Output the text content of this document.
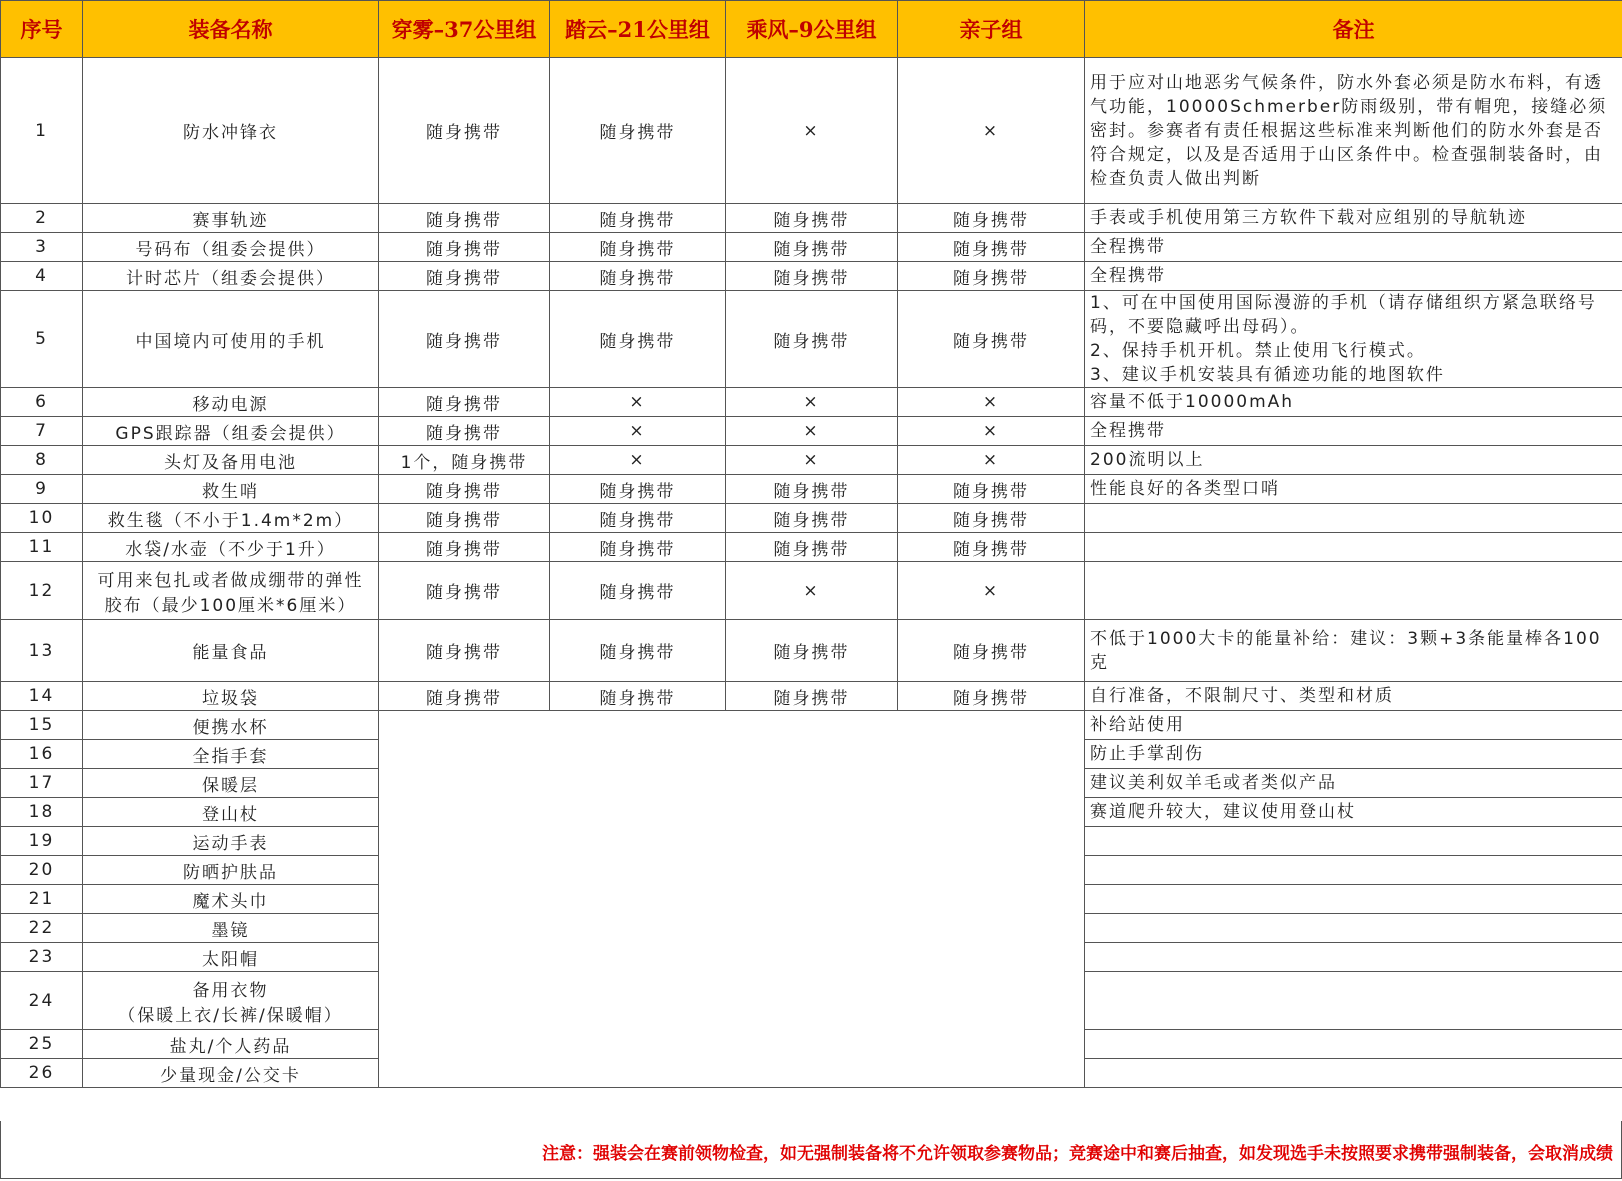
序号	装备名称	穿雾–37公里组	踏云–21公里组	乘风–9公里组	亲子组	备注
1	防水冲锋衣	随身携带	随身携带	×	×	用于应对山地恶劣气候条件，防水外套必须是防水布料，有透气功能，10000Schmerber防雨级别，带有帽兜，接缝必须密封。参赛者有责任根据这些标准来判断他们的防水外套是否符合规定，以及是否适用于山区条件中。检查强制装备时，由检查负责人做出判断
2	赛事轨迹	随身携带	随身携带	随身携带	随身携带	手表或手机使用第三方软件下载对应组别的导航轨迹
3	号码布（组委会提供）	随身携带	随身携带	随身携带	随身携带	全程携带
4	计时芯片（组委会提供）	随身携带	随身携带	随身携带	随身携带	全程携带
5	中国境内可使用的手机	随身携带	随身携带	随身携带	随身携带	1、可在中国使用国际漫游的手机（请存储组织方紧急联络号码，不要隐藏呼出母码）。
2、保持手机开机。禁止使用飞行模式。
3、建议手机安装具有循迹功能的地图软件
6	移动电源	随身携带	×	×	×	容量不低于10000mAh
7	GPS跟踪器（组委会提供）	随身携带	×	×	×	全程携带
8	头灯及备用电池	1个，随身携带	×	×	×	200流明以上
9	救生哨	随身携带	随身携带	随身携带	随身携带	性能良好的各类型口哨
10	救生毯（不小于1.4m*2m）	随身携带	随身携带	随身携带	随身携带	
11	水袋/水壶（不少于1升）	随身携带	随身携带	随身携带	随身携带	
12	可用来包扎或者做成绷带的弹性
胶布（最少100厘米*6厘米）	随身携带	随身携带	×	×	
13	能量食品	随身携带	随身携带	随身携带	随身携带	不低于1000大卡的能量补给：建议：3颗+3条能量棒各100克
14	垃圾袋	随身携带	随身携带	随身携带	随身携带	自行准备，不限制尺寸、类型和材质
15	便携水杯					补给站使用
16	全指手套					防止手掌刮伤
17	保暖层					建议美利奴羊毛或者类似产品
18	登山杖					赛道爬升较大，建议使用登山杖
19	运动手表					
20	防晒护肤品					
21	魔术头巾					
22	墨镜					
23	太阳帽					
24	备用衣物
（保暖上衣/长裤/保暖帽）					
25	盐丸/个人药品					
26	少量现金/公交卡					
注意：强装会在赛前领物检查，如无强制装备将不允许领取参赛物品；竞赛途中和赛后抽查，如发现选手未按照要求携带强制装备，会取消成绩
